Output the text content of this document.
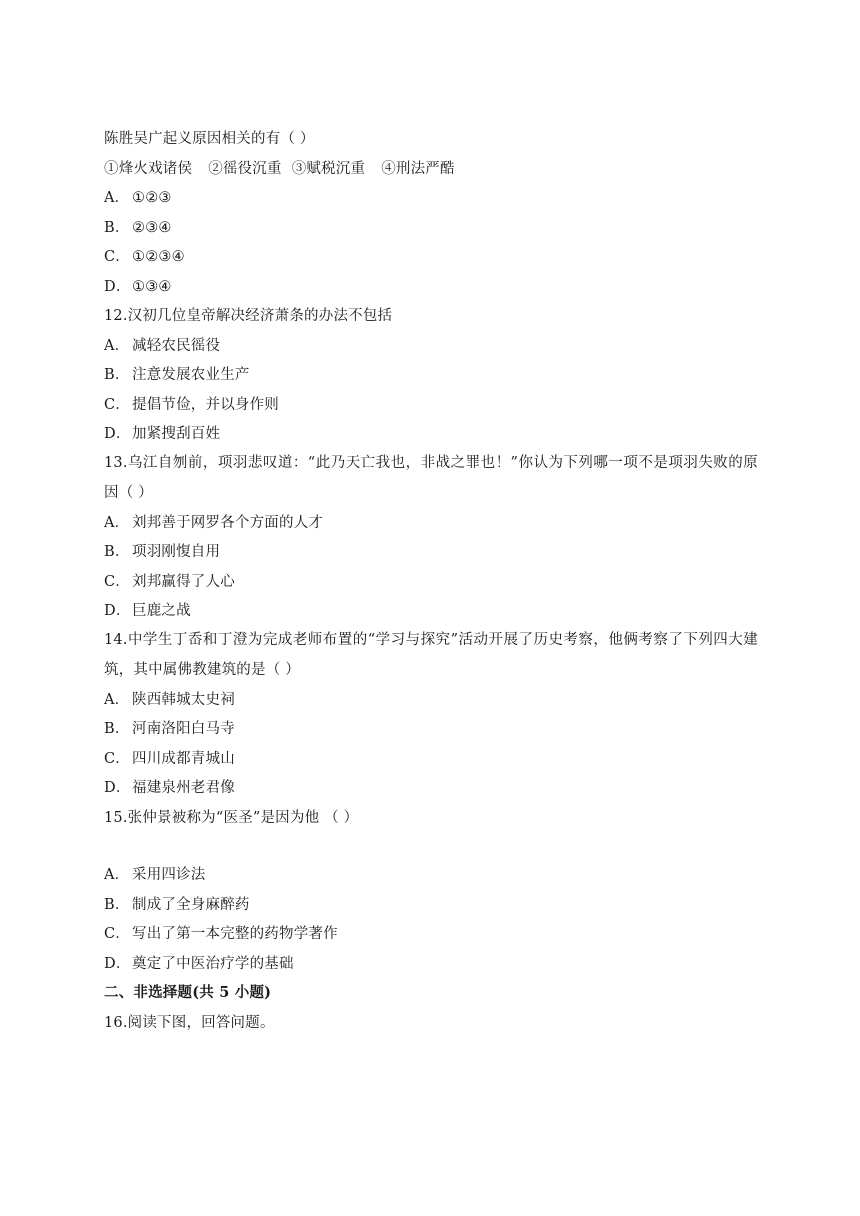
陈胜吴广起义原因相关的有（ ）
①烽火戏诸侯 ②徭役沉重 ③赋税沉重 ④刑法严酷
A． ①②③
B． ②③④
C． ①②③④
D．①③④
12.汉初几位皇帝解决经济萧条的办法不包括
A． 减轻农民徭役
B． 注意发展农业生产
C． 提倡节俭，并以身作则
D．加紧搜刮百姓
13.乌江自刎前，项羽悲叹道：“此乃天亡我也，非战之罪也！”你认为下列哪一项不是项羽失败的原因（ ）
A． 刘邦善于网罗各个方面的人才
B． 项羽刚愎自用
C． 刘邦赢得了人心
D．巨鹿之战
14.中学生丁岙和丁澄为完成老师布置的“学习与探究”活动开展了历史考察，他俩考察了下列四大建筑，其中属佛教建筑的是（ ）
A． 陕西韩城太史祠
B． 河南洛阳白马寺
C． 四川成都青城山
D．福建泉州老君像
15.张仲景被称为“医圣”是因为他 （ ）
A． 采用四诊法
B． 制成了全身麻醉药
C． 写出了第一本完整的药物学著作
D．奠定了中医治疗学的基础
二、非选择题(共 5 小题)
16.阅读下图，回答问题。
